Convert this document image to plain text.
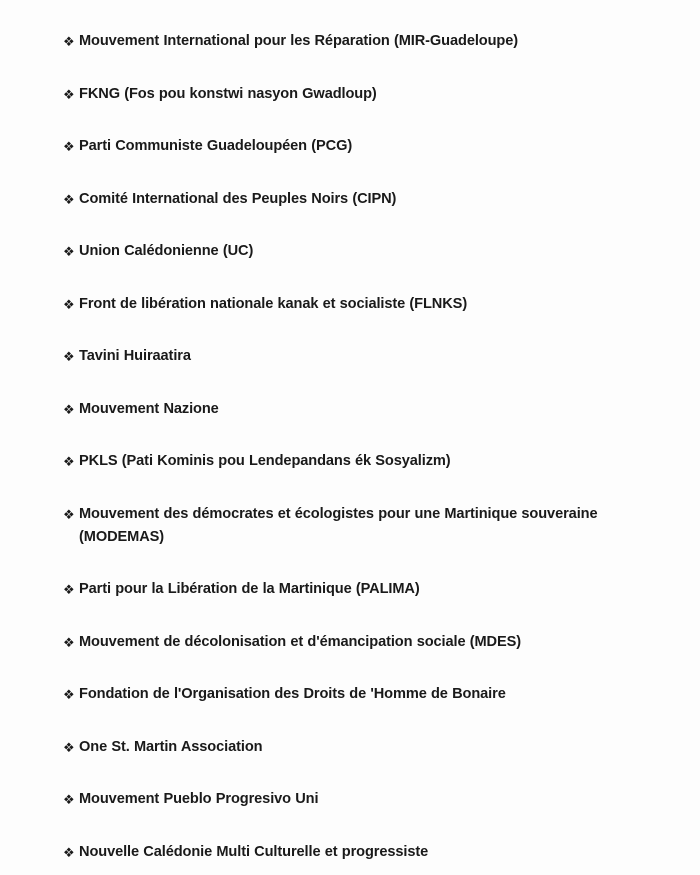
❖ Mouvement International pour les Réparation (MIR-Guadeloupe)
❖ FKNG (Fos pou konstwi nasyon Gwadloup)
❖ Parti Communiste Guadeloupéen (PCG)
❖ Comité International des Peuples Noirs (CIPN)
❖ Union Calédonienne (UC)
❖ Front de libération nationale kanak et socialiste (FLNKS)
❖ Tavini Huiraatira
❖ Mouvement Nazione
❖ PKLS (Pati Kominis pou Lendepandans ék Sosyalizm)
❖ Mouvement des démocrates et écologistes pour une Martinique souveraine (MODEMAS)
❖ Parti pour la Libération de la Martinique (PALIMA)
❖ Mouvement de décolonisation et d'émancipation sociale (MDES)
❖ Fondation de l'Organisation des Droits de 'Homme de Bonaire
❖ One St. Martin Association
❖ Mouvement Pueblo Progresivo Uni
❖ Nouvelle Calédonie Multi Culturelle et progressiste
